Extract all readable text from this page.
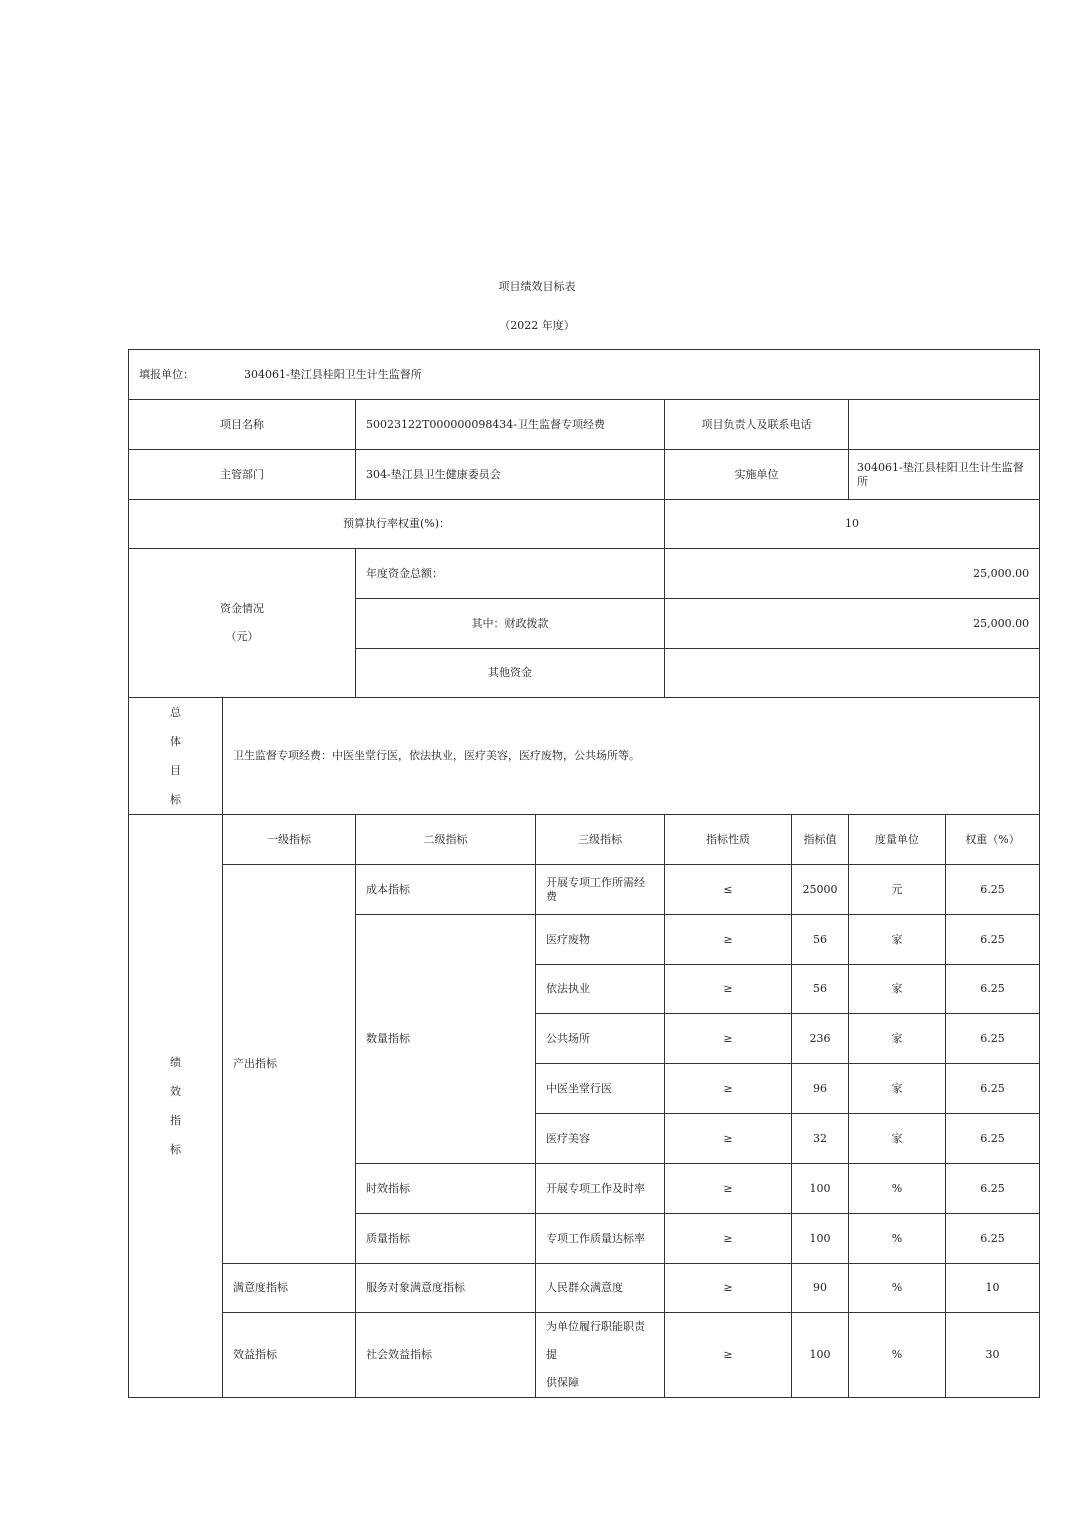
项目绩效目标表
（2022 年度）
填报单位： 304061-垫江县桂阳卫生计生监督所							
项目名称		50023122T000000098434-卫生监督专项经费		项目负责人及联系电话			
主管部门		304-垫江县卫生健康委员会		实施单位		304061-垫江县桂阳卫生计生监督所	
预算执行率权重(%)：				10			

资金情况
（元）		年度资金总额：		25,000.00			
		其中：财政拨款		25,000.00			
		其他资金					

总
体
目
标	卫生监督专项经费：中医坐堂行医，依法执业，医疗美容，医疗废物，公共场所等。						

绩
效
指
标	一级指标	二级指标	三级指标	指标性质	指标值	度量单位	权重（%）
	产出指标	成本指标	开展专项工作所需经费	≤	25000	元	6.25
		数量指标	医疗废物	≥	56	家	6.25
			依法执业	≥	56	家	6.25
			公共场所	≥	236	家	6.25
			中医坐堂行医	≥	96	家	6.25
			医疗美容	≥	32	家	6.25
		时效指标	开展专项工作及时率	≥	100	%	6.25
		质量指标	专项工作质量达标率	≥	100	%	6.25
	满意度指标	服务对象满意度指标	人民群众满意度	≥	90	%	10
	效益指标	社会效益指标	为单位履行职能职责提
供保障	≥	100	%	30
